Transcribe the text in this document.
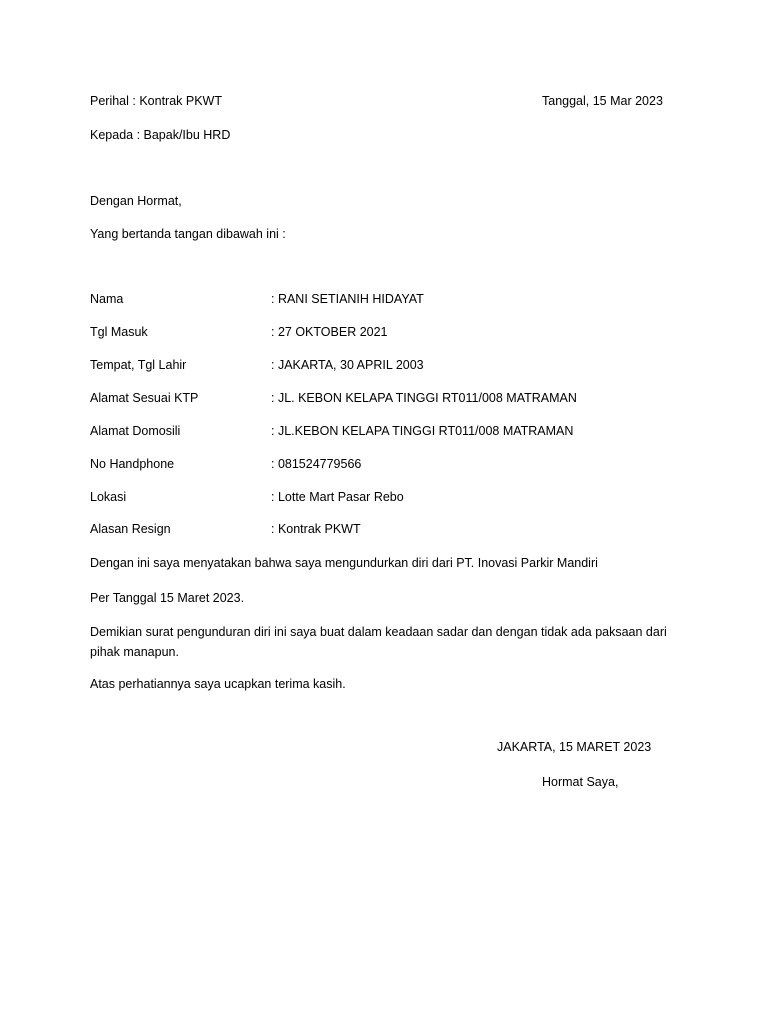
Perihal : Kontrak PKWT	Tanggal, 15 Mar 2023
Kepada : Bapak/Ibu HRD
Dengan Hormat,
Yang bertanda tangan dibawah ini :
Nama	: RANI SETIANIH HIDAYAT
Tgl Masuk	: 27 OKTOBER 2021
Tempat, Tgl Lahir	: JAKARTA, 30 APRIL 2003
Alamat Sesuai KTP	: JL. KEBON KELAPA TINGGI RT011/008 MATRAMAN
Alamat Domosili	: JL.KEBON KELAPA TINGGI RT011/008 MATRAMAN
No Handphone	: 081524779566
Lokasi	: Lotte Mart Pasar Rebo
Alasan Resign	: Kontrak PKWT
Dengan ini saya menyatakan bahwa saya mengundurkan diri dari PT. Inovasi Parkir Mandiri
Per Tanggal 15 Maret 2023.
Demikian surat pengunduran diri ini saya buat dalam keadaan sadar dan dengan tidak ada paksaan dari pihak manapun.
Atas perhatiannya saya ucapkan terima kasih.
JAKARTA, 15 MARET 2023
Hormat Saya,
